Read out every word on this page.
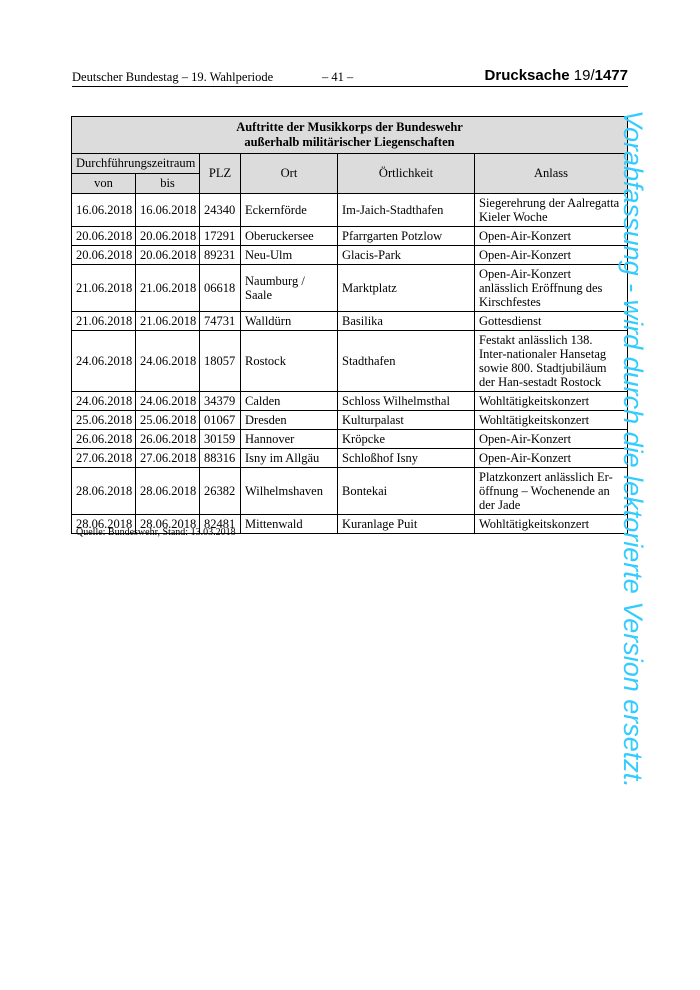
Deutscher Bundestag – 19. Wahlperiode	– 41 –	Drucksache 19/1477
Auftritte der Musikkorps der Bundeswehr
außerhalb militärischer Liegenschaften					

Durchführungszeitraum		PLZ	Ort	Örtlichkeit	Anlass
von	bis				
16.06.2018	16.06.2018	24340	Eckernförde	Im-Jaich-Stadthafen	Siegerehrung der Aalregatta Kieler Woche
20.06.2018	20.06.2018	17291	Oberuckersee	Pfarrgarten Potzlow	Open-Air-Konzert
20.06.2018	20.06.2018	89231	Neu-Ulm	Glacis-Park	Open-Air-Konzert
21.06.2018	21.06.2018	06618	Naumburg / Saale	Marktplatz	Open-Air-Konzert anlässlich Eröffnung des Kirschfestes
21.06.2018	21.06.2018	74731	Walldürn	Basilika	Gottesdienst
24.06.2018	24.06.2018	18057	Rostock	Stadthafen	Festakt anlässlich 138. Inter-nationaler Hansetag sowie 800. Stadtjubiläum der Han-sestadt Rostock
24.06.2018	24.06.2018	34379	Calden	Schloss Wilhelmsthal	Wohltätigkeitskonzert
25.06.2018	25.06.2018	01067	Dresden	Kulturpalast	Wohltätigkeitskonzert
26.06.2018	26.06.2018	30159	Hannover	Kröpcke	Open-Air-Konzert
27.06.2018	27.06.2018	88316	Isny im Allgäu	Schloßhof Isny	Open-Air-Konzert
28.06.2018	28.06.2018	26382	Wilhelmshaven	Bontekai	Platzkonzert anlässlich Er-öffnung – Wochenende an der Jade
28.06.2018	28.06.2018	82481	Mittenwald	Kuranlage Puit	Wohltätigkeitskonzert
Quelle: Bundeswehr, Stand: 13.03.2018	Vorabfassung - wird durch die lektorierte Version ersetzt.
